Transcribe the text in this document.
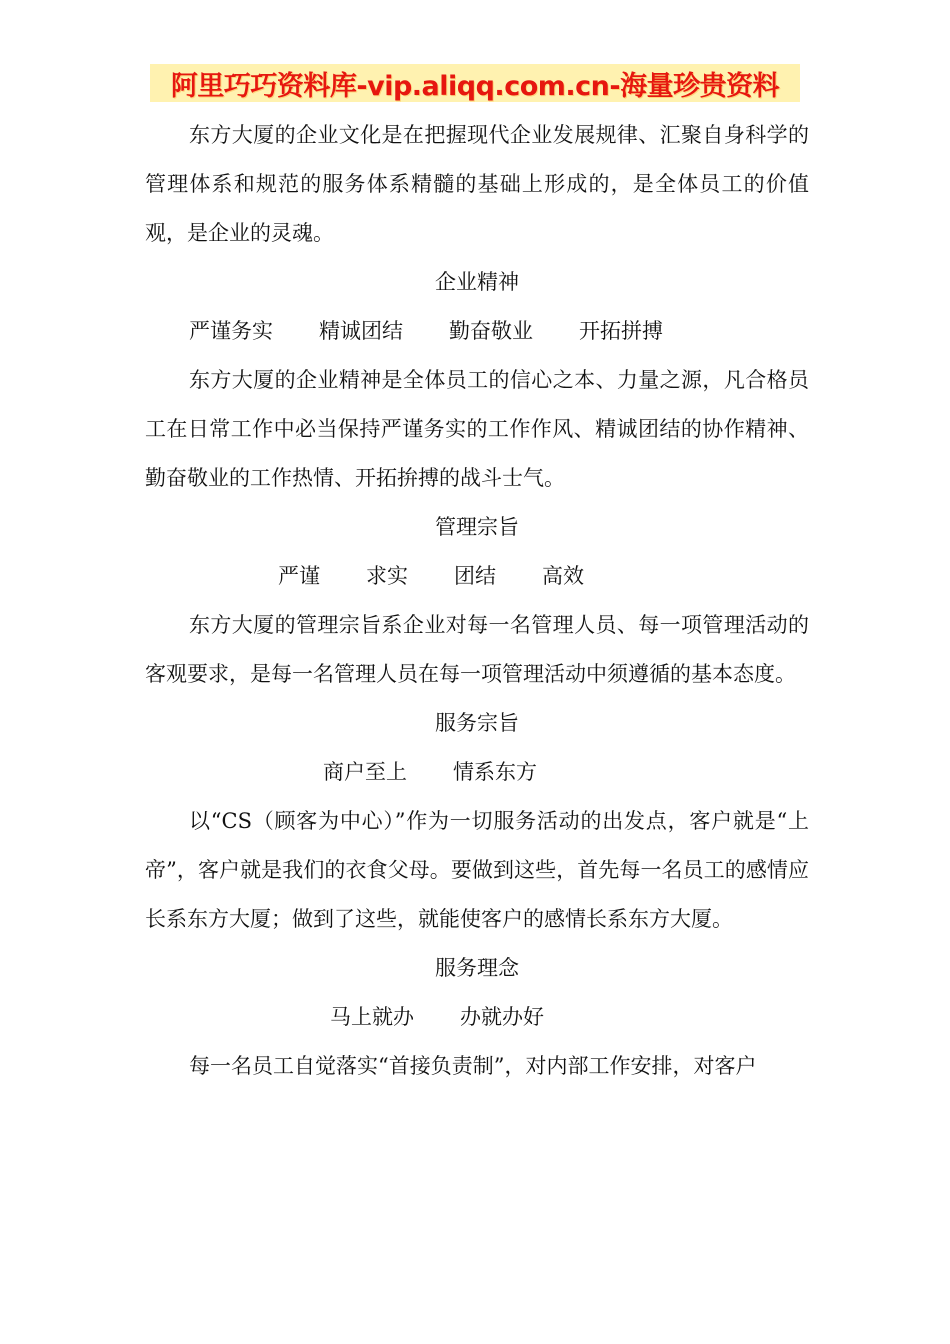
阿里巧巧资料库-vip.aliqq.com.cn-海量珍贵资料

东方大厦的企业文化是在把握现代企业发展规律、汇聚自身科学的管理体系和规范的服务体系精髓的基础上形成的，是全体员工的价值观，是企业的灵魂。

企业精神

严谨务实 精诚团结 勤奋敬业 开拓拼搏

东方大厦的企业精神是全体员工的信心之本、力量之源，凡合格员工在日常工作中必当保持严谨务实的工作作风、精诚团结的协作精神、勤奋敬业的工作热情、开拓拚搏的战斗士气。

管理宗旨

严谨 求实 团结 高效

东方大厦的管理宗旨系企业对每一名管理人员、每一项管理活动的客观要求，是每一名管理人员在每一项管理活动中须遵循的基本态度。

服务宗旨

商户至上 情系东方

以“CS（顾客为中心）”作为一切服务活动的出发点，客户就是“上帝”，客户就是我们的衣食父母。要做到这些，首先每一名员工的感情应长系东方大厦；做到了这些，就能使客户的感情长系东方大厦。

服务理念

马上就办 办就办好

每一名员工自觉落实“首接负责制”，对内部工作安排，对客户
